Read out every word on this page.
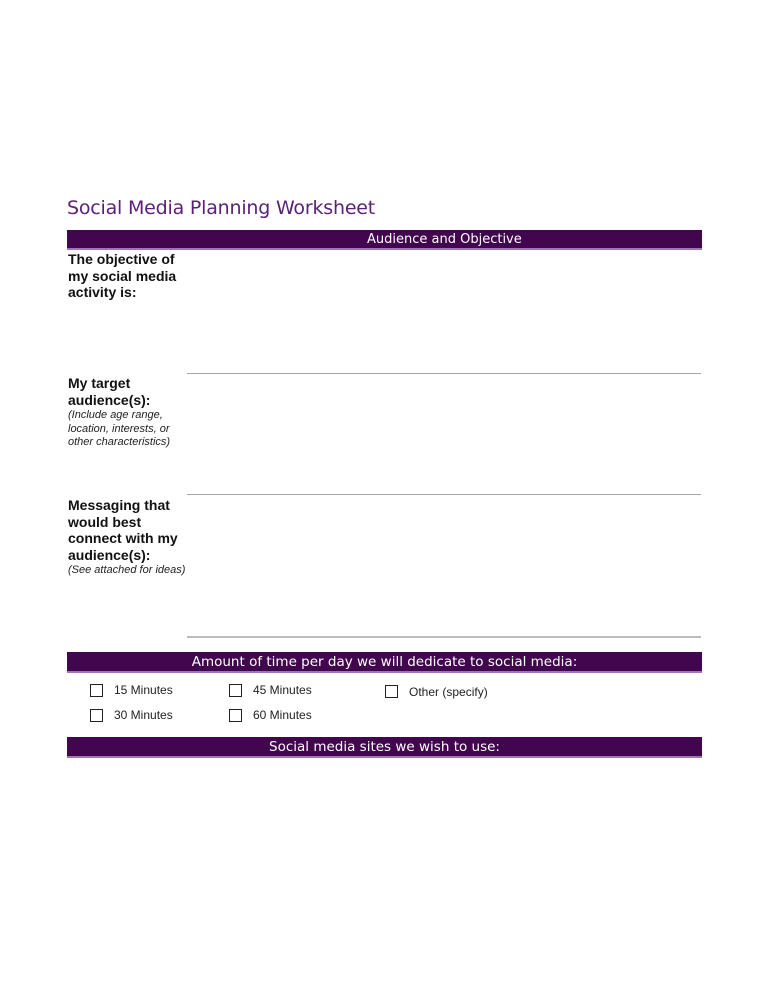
Social Media Planning Worksheet
Audience and Objective
The objective of my social media activity is:
My target audience(s):
(Include age range, location, interests, or other characteristics)
Messaging that would best connect with my audience(s):
(See attached for ideas)
Amount of time per day we will dedicate to social media:
15 Minutes	45 Minutes	Other (specify)
30 Minutes	60 Minutes
Social media sites we wish to use:
